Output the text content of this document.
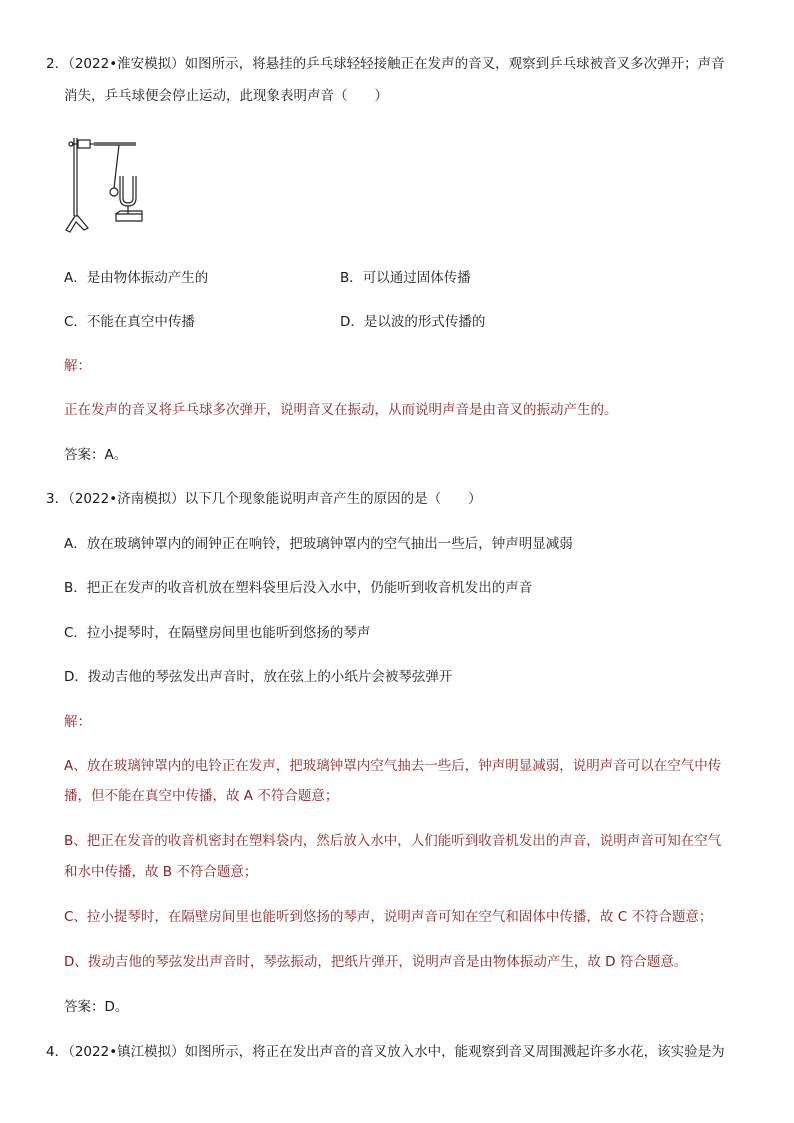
2．（2022•淮安模拟）如图所示，将悬挂的乒乓球轻轻接触正在发声的音叉，观察到乒乓球被音叉多次弹开；声音
消失，乒乓球便会停止运动，此现象表明声音（　　）
A．是由物体振动产生的	B．可以通过固体传播
C．不能在真空中传播	D．是以波的形式传播的
解：
正在发声的音叉将乒乓球多次弹开，说明音叉在振动，从而说明声音是由音叉的振动产生的。
答案：A。
3．（2022•济南模拟）以下几个现象能说明声音产生的原因的是（　　）
A．放在玻璃钟罩内的闹钟正在响铃，把玻璃钟罩内的空气抽出一些后，钟声明显减弱
B．把正在发声的收音机放在塑料袋里后没入水中，仍能听到收音机发出的声音
C．拉小提琴时，在隔壁房间里也能听到悠扬的琴声
D．拨动吉他的琴弦发出声音时，放在弦上的小纸片会被琴弦弹开
解：
A、放在玻璃钟罩内的电铃正在发声，把玻璃钟罩内空气抽去一些后，钟声明显减弱，说明声音可以在空气中传
播，但不能在真空中传播，故 A 不符合题意；
B、把正在发音的收音机密封在塑料袋内，然后放入水中，人们能听到收音机发出的声音，说明声音可知在空气
和水中传播，故 B 不符合题意；
C、拉小提琴时，在隔壁房间里也能听到悠扬的琴声，说明声音可知在空气和固体中传播，故 C 不符合题意；
D、拨动吉他的琴弦发出声音时，琴弦振动，把纸片弹开，说明声音是由物体振动产生，故 D 符合题意。
答案：D。
4．（2022•镇江模拟）如图所示，将正在发出声音的音叉放入水中，能观察到音叉周围溅起许多水花，该实验是为
